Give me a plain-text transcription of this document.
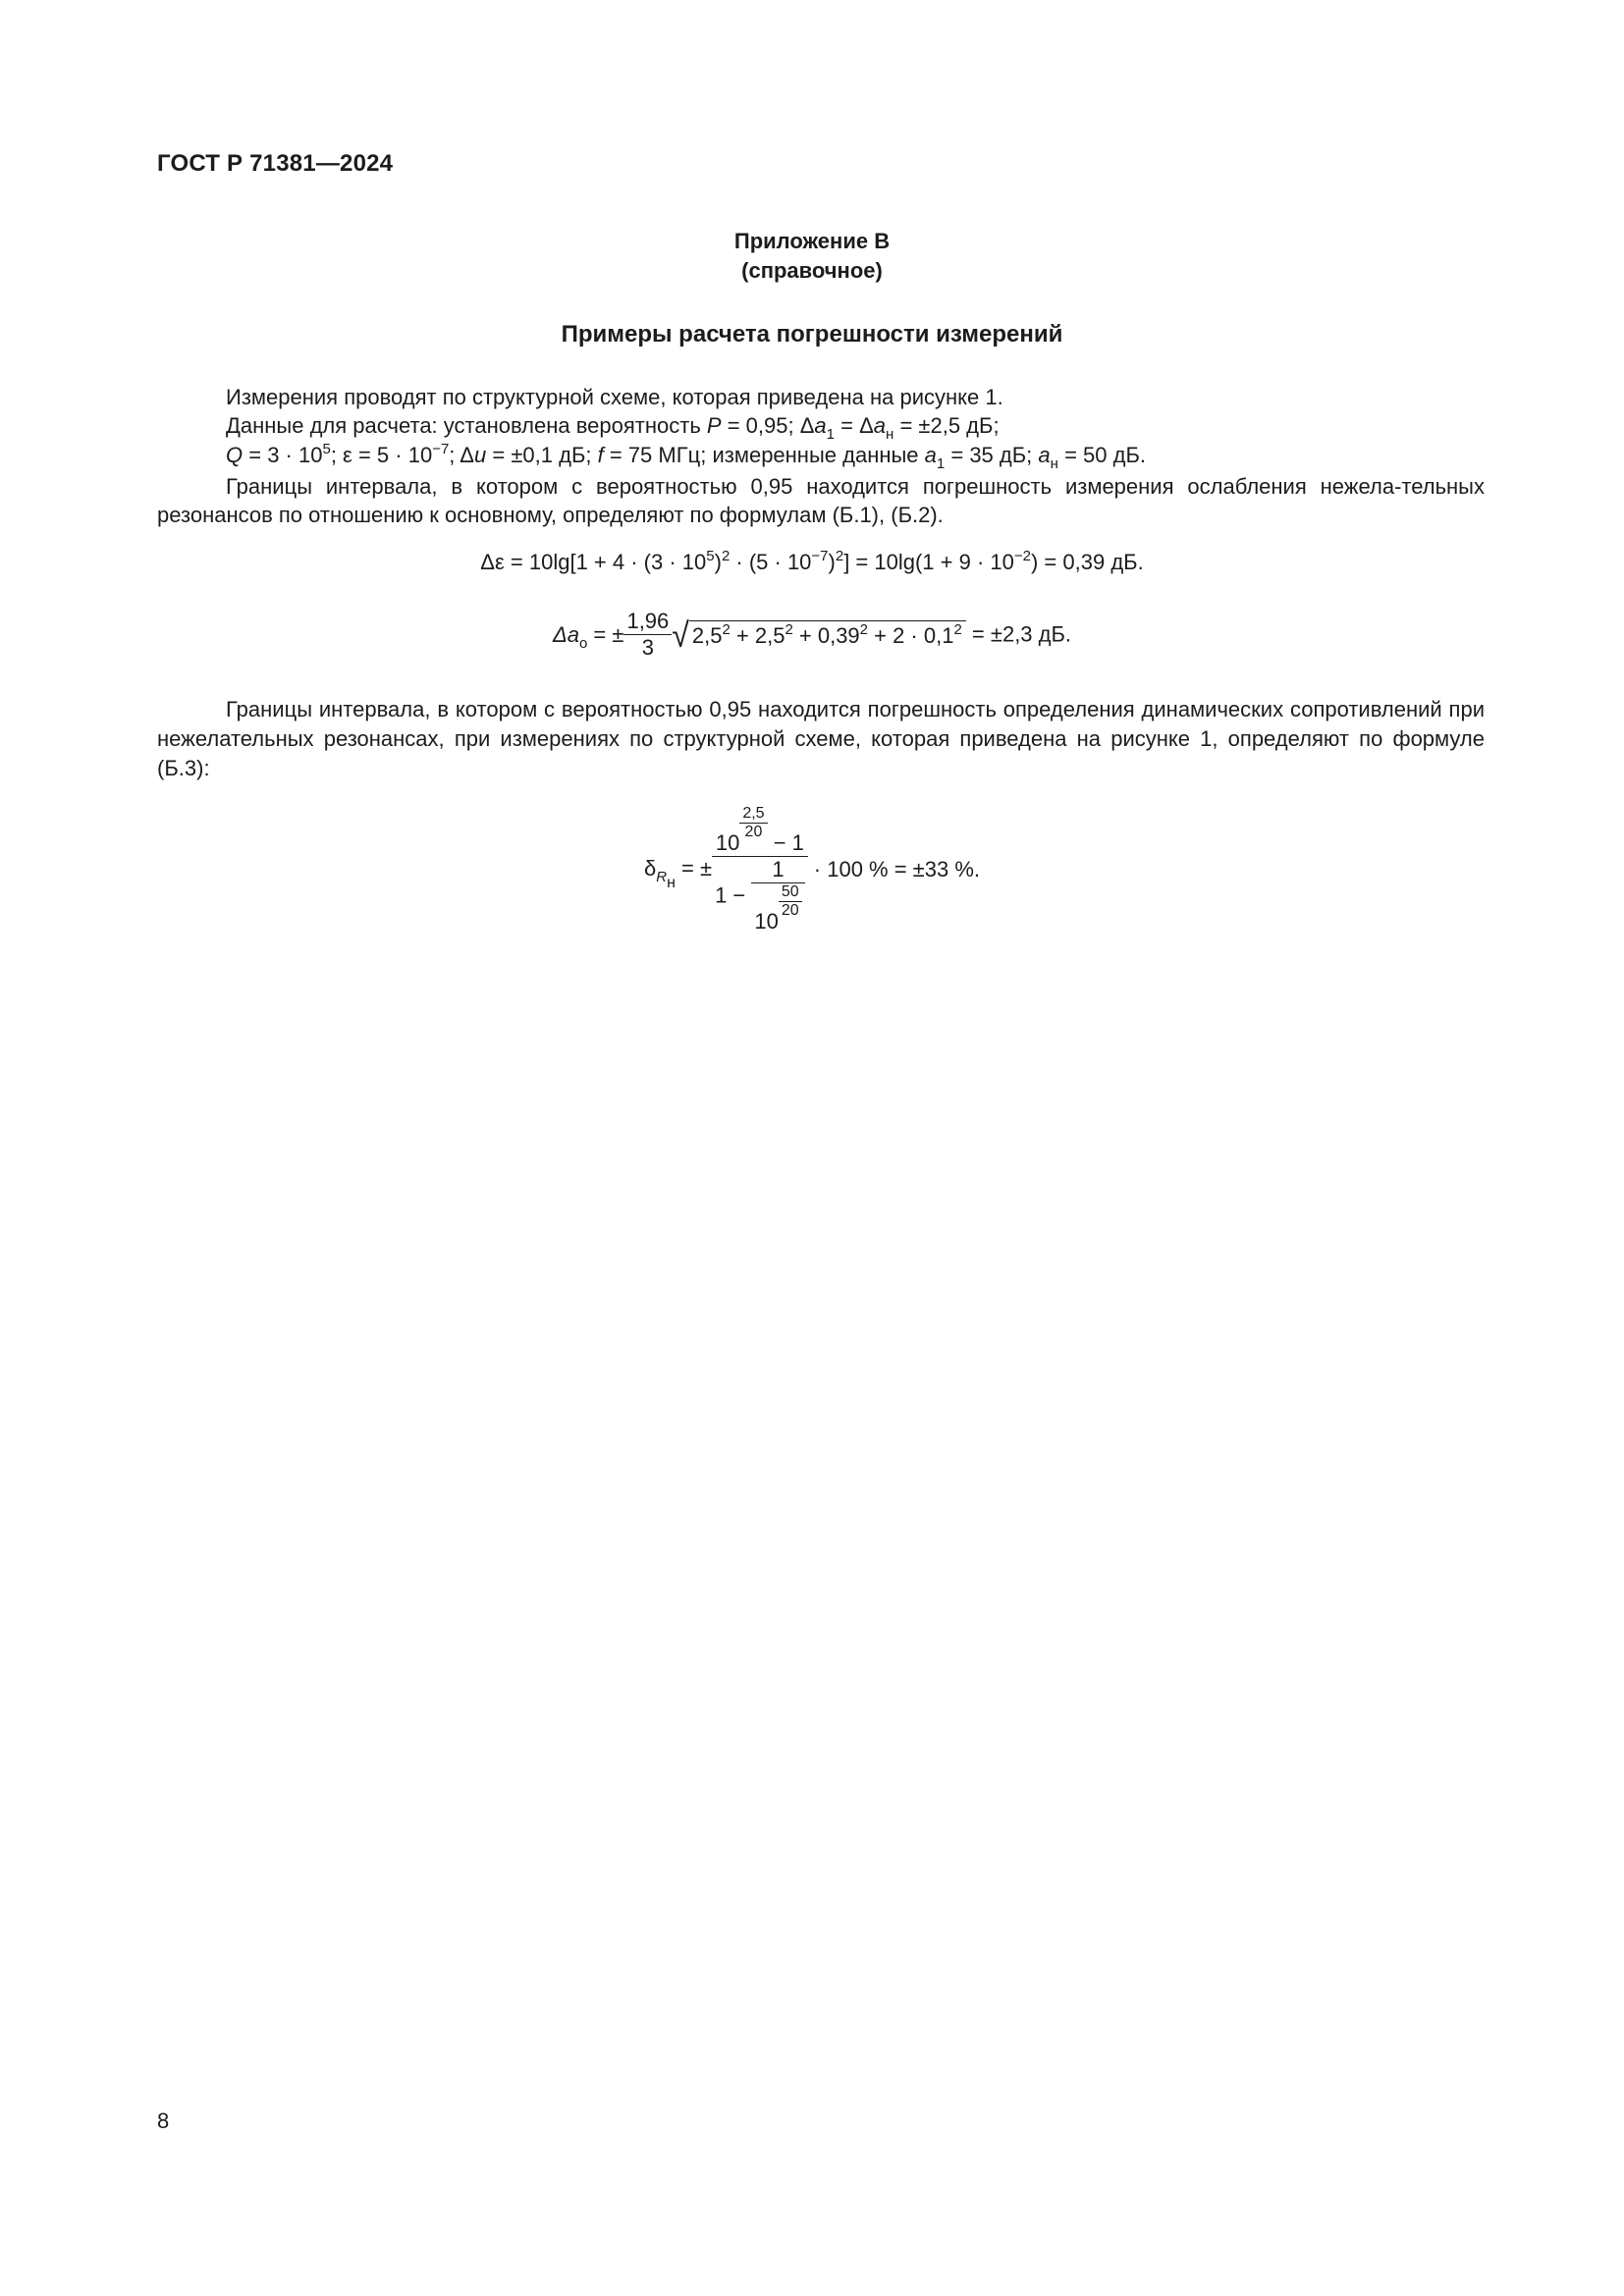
ГОСТ Р 71381—2024
Приложение В
(справочное)
Примеры расчета погрешности измерений
Измерения проводят по структурной схеме, которая приведена на рисунке 1.
Данные для расчета: установлена вероятность P = 0,95; $\Delta a_1 = \Delta a_н = \pm 2,5$ дБ;
$Q = 3 \cdot 10^5$; $\varepsilon = 5 \cdot 10^{-7}$; Δu = ±0,1 дБ; f = 75 МГц; измеренные данные $a_1 = 35$ дБ; $a_н = 50$ дБ.
Границы интервала, в котором с вероятностью 0,95 находится погрешность измерения ослабления нежела-тельных резонансов по отношению к основному, определяют по формулам (Б.1), (Б.2).
$\Delta\varepsilon = 10\lg[1 + 4 \cdot (3 \cdot 10^5)^2 \cdot (5 \cdot 10^{-7})^2] = 10\lg(1 + 9 \cdot 10^{-2}) = 0,39$ дБ.
$\Delta a_о$ = ± $\frac{1,96}{3}$ √ $2,5^2 + 2,5^2 + 0,39^2 + 2 \cdot 0,1^2 = \pm 2,3$ дБ.
Границы интервала, в котором с вероятностью 0,95 находится погрешность определения динамических сопротивлений при нежелательных резонансах, при измерениях по структурной схеме, которая приведена на рисунке 1, определяют по формуле (Б.3):
$\delta_{R_н}$ = ± 10
$\frac{2,5}{20}$
− 1
1 − 1
10
$\frac{50}{20} \cdot 100$ % = ±33 %.
8
